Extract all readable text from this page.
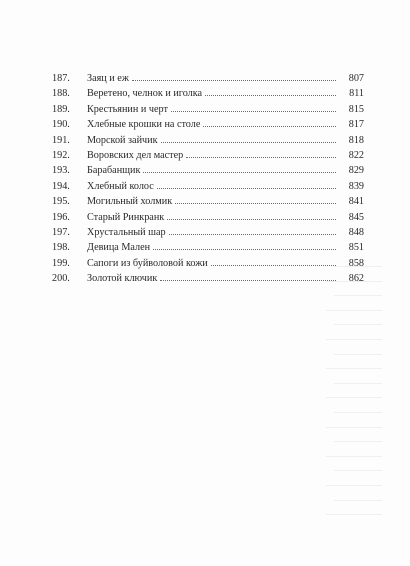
187.	Заяц и еж	807
188.	Веретено, челнок и иголка	811
189.	Крестьянин и черт	815
190.	Хлебные крошки на столе	817
191.	Морской зайчик	818
192.	Воровских дел мастер	822
193.	Барабанщик	829
194.	Хлебный колос	839
195.	Могильный холмик	841
196.	Старый Ринкранк	845
197.	Хрустальный шар	848
198.	Девица Мален	851
199.	Сапоги из буйволовой кожи	858
200.	Золотой ключик	862
